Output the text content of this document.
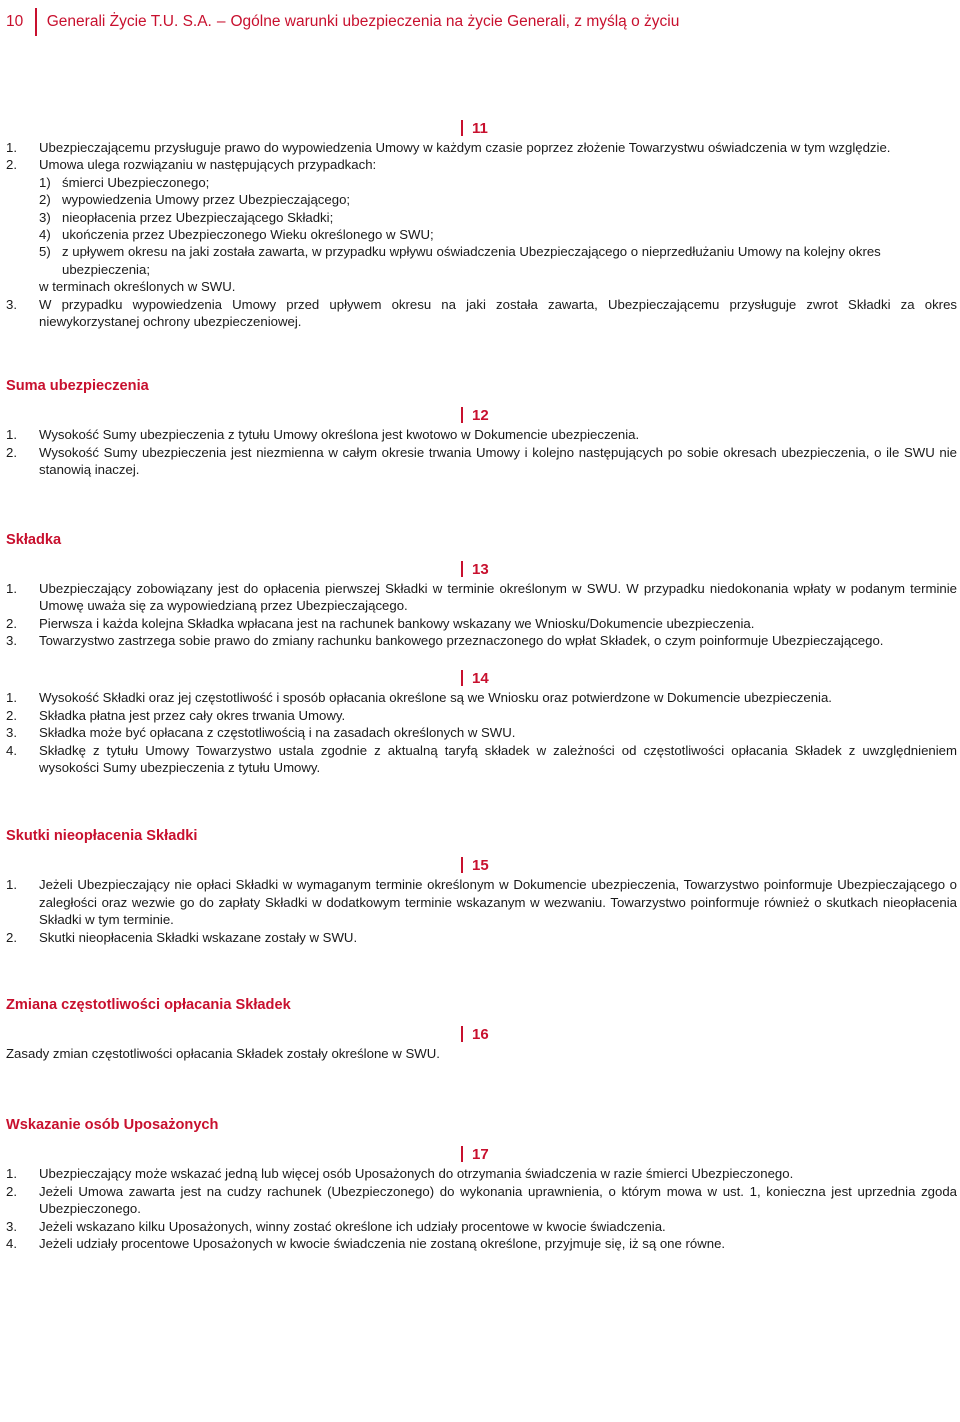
10 Generali Życie T.U. S.A. – Ogólne warunki ubezpieczenia na życie Generali, z myślą o życiu
11
1.	Ubezpieczającemu przysługuje prawo do wypowiedzenia Umowy w każdym czasie poprzez złożenie Towarzystwu oświadczenia w tym względzie.
2.	Umowa ulega rozwiązaniu w następujących przypadkach:
1) śmierci Ubezpieczonego;
2) wypowiedzenia Umowy przez Ubezpieczającego;
3) nieopłacenia przez Ubezpieczającego Składki;
4) ukończenia przez Ubezpieczonego Wieku określonego w SWU;
5) z upływem okresu na jaki została zawarta, w przypadku wpływu oświadczenia Ubezpieczającego o nieprzedłużaniu Umowy na kolejny okres ubezpieczenia;
w terminach określonych w SWU.
3.	W przypadku wypowiedzenia Umowy przed upływem okresu na jaki została zawarta, Ubezpieczającemu przysługuje zwrot Składki za okres niewykorzystanej ochrony ubezpieczeniowej.
Suma ubezpieczenia
12
1.	Wysokość Sumy ubezpieczenia z tytułu Umowy określona jest kwotowo w Dokumencie ubezpieczenia.
2.	Wysokość Sumy ubezpieczenia jest niezmienna w całym okresie trwania Umowy i kolejno następujących po sobie okresach ubezpieczenia, o ile SWU nie stanowią inaczej.
Składka
13
1.	Ubezpieczający zobowiązany jest do opłacenia pierwszej Składki w terminie określonym w SWU. W przypadku niedokonania wpłaty w podanym terminie Umowę uważa się za wypowiedzianą przez Ubezpieczającego.
2.	Pierwsza i każda kolejna Składka wpłacana jest na rachunek bankowy wskazany we Wniosku/Dokumencie ubezpieczenia.
3.	Towarzystwo zastrzega sobie prawo do zmiany rachunku bankowego przeznaczonego do wpłat Składek, o czym poinformuje Ubezpieczającego.
14
1.	Wysokość Składki oraz jej częstotliwość i sposób opłacania określone są we Wniosku oraz potwierdzone w Dokumencie ubezpieczenia.
2.	Składka płatna jest przez cały okres trwania Umowy.
3.	Składka może być opłacana z częstotliwością i na zasadach określonych w SWU.
4.	Składkę z tytułu Umowy Towarzystwo ustala zgodnie z aktualną taryfą składek w zależności od częstotliwości opłacania Składek z uwzględnieniem wysokości Sumy ubezpieczenia z tytułu Umowy.
Skutki nieopłacenia Składki
15
1.	Jeżeli Ubezpieczający nie opłaci Składki w wymaganym terminie określonym w Dokumencie ubezpieczenia, Towarzystwo poinformuje Ubezpieczającego o zaległości oraz wezwie go do zapłaty Składki w dodatkowym terminie wskazanym w wezwaniu. Towarzystwo poinformuje również o skutkach nieopłacenia Składki w tym terminie.
2.	Skutki nieopłacenia Składki wskazane zostały w SWU.
Zmiana częstotliwości opłacania Składek
16
Zasady zmian częstotliwości opłacania Składek zostały określone w SWU.
Wskazanie osób Uposażonych
17
1.	Ubezpieczający może wskazać jedną lub więcej osób Uposażonych do otrzymania świadczenia w razie śmierci Ubezpieczonego.
2.	Jeżeli Umowa zawarta jest na cudzy rachunek (Ubezpieczonego) do wykonania uprawnienia, o którym mowa w ust. 1, konieczna jest uprzednia zgoda Ubezpieczonego.
3.	Jeżeli wskazano kilku Uposażonych, winny zostać określone ich udziały procentowe w kwocie świadczenia.
4.	Jeżeli udziały procentowe Uposażonych w kwocie świadczenia nie zostaną określone, przyjmuje się, iż są one równe.
